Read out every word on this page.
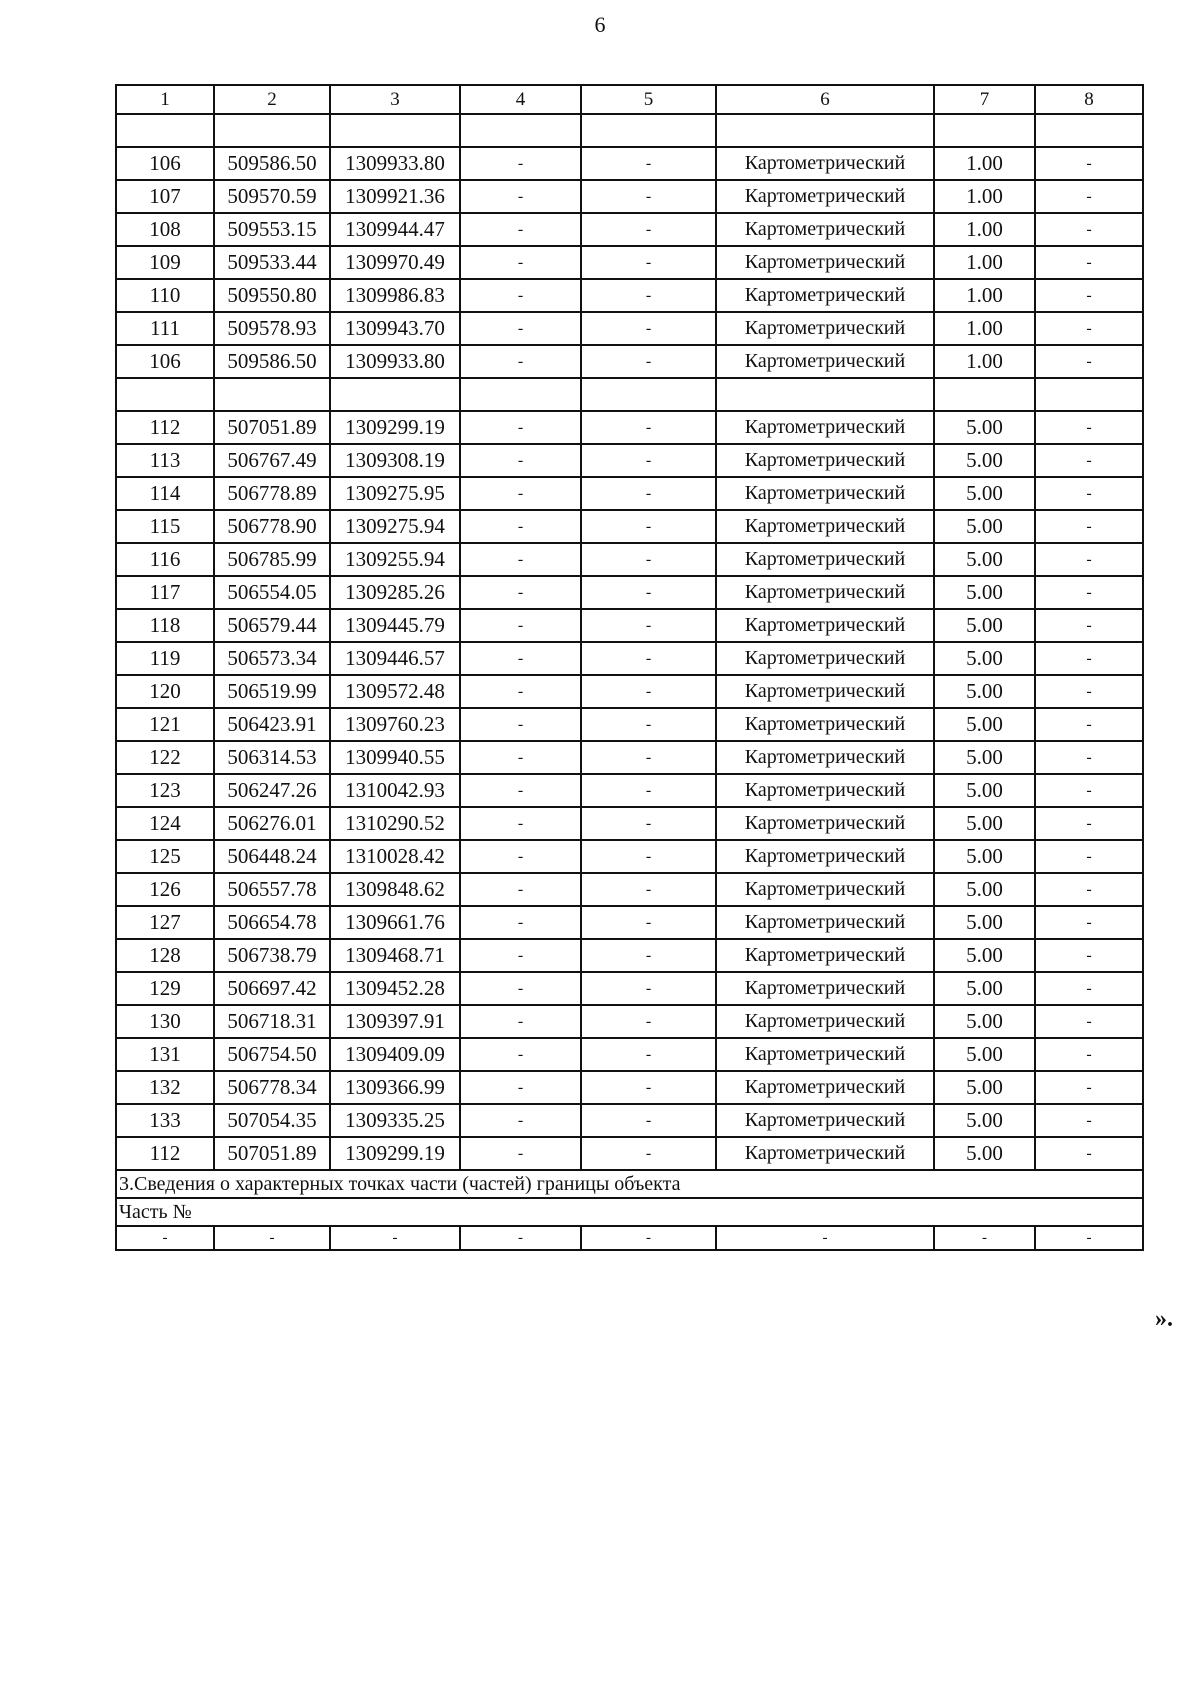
6
1	2	3	4	5	6	7	8

106	509586.50	1309933.80	-	-	Картометрический	1.00	-
107	509570.59	1309921.36	-	-	Картометрический	1.00	-
108	509553.15	1309944.47	-	-	Картометрический	1.00	-
109	509533.44	1309970.49	-	-	Картометрический	1.00	-
110	509550.80	1309986.83	-	-	Картометрический	1.00	-
111	509578.93	1309943.70	-	-	Картометрический	1.00	-
106	509586.50	1309933.80	-	-	Картометрический	1.00	-

112	507051.89	1309299.19	-	-	Картометрический	5.00	-
113	506767.49	1309308.19	-	-	Картометрический	5.00	-
114	506778.89	1309275.95	-	-	Картометрический	5.00	-
115	506778.90	1309275.94	-	-	Картометрический	5.00	-
116	506785.99	1309255.94	-	-	Картометрический	5.00	-
117	506554.05	1309285.26	-	-	Картометрический	5.00	-
118	506579.44	1309445.79	-	-	Картометрический	5.00	-
119	506573.34	1309446.57	-	-	Картометрический	5.00	-
120	506519.99	1309572.48	-	-	Картометрический	5.00	-
121	506423.91	1309760.23	-	-	Картометрический	5.00	-
122	506314.53	1309940.55	-	-	Картометрический	5.00	-
123	506247.26	1310042.93	-	-	Картометрический	5.00	-
124	506276.01	1310290.52	-	-	Картометрический	5.00	-
125	506448.24	1310028.42	-	-	Картометрический	5.00	-
126	506557.78	1309848.62	-	-	Картометрический	5.00	-
127	506654.78	1309661.76	-	-	Картометрический	5.00	-
128	506738.79	1309468.71	-	-	Картометрический	5.00	-
129	506697.42	1309452.28	-	-	Картометрический	5.00	-
130	506718.31	1309397.91	-	-	Картометрический	5.00	-
131	506754.50	1309409.09	-	-	Картометрический	5.00	-
132	506778.34	1309366.99	-	-	Картометрический	5.00	-
133	507054.35	1309335.25	-	-	Картометрический	5.00	-
112	507051.89	1309299.19	-	-	Картометрический	5.00	-
3.Сведения о характерных точках части (частей) границы объекта							
Часть №							
-	-	-	-	-	-	-	-
».
